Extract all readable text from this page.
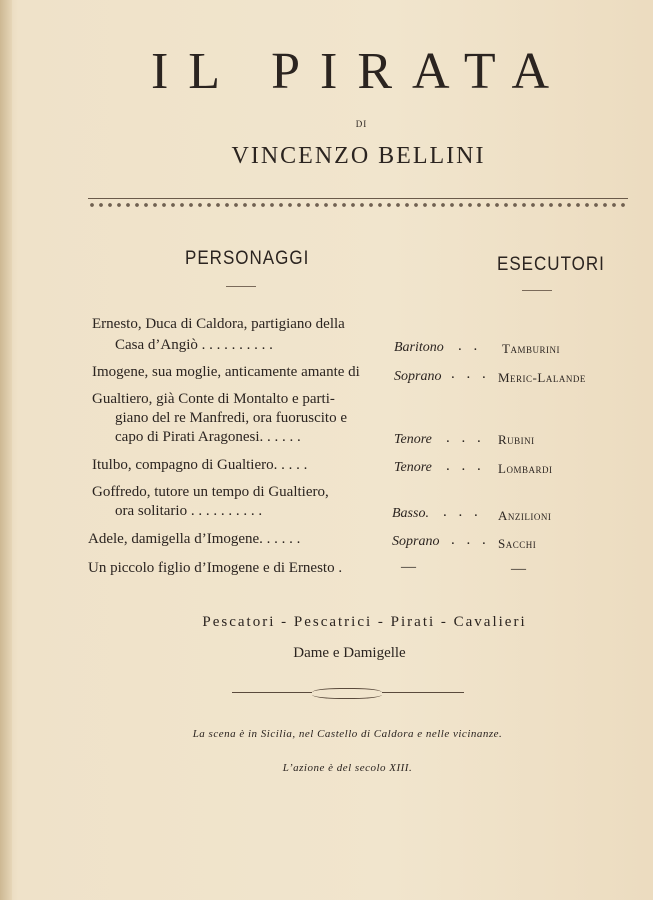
IL PIRATA
DI
VINCENZO BELLINI
PERSONAGGI	ESECUTORI
Ernesto, Duca di Caldora, partigiano della
Casa d’Angiò . . . . . . . . . .	Baritono . . Tamburini
Imogene, sua moglie, anticamente amante di Soprano . . . Meric-Lalande
Gualtiero, già Conte di Montalto e parti-
giano del re Manfredi, ora fuoruscito e
capo di Pirati Aragonesi. . . . . .	Tenore . . . Rubini
Itulbo, compagno di Gualtiero. . . . .	Tenore . . . Lombardi
Goffredo, tutore un tempo di Gualtiero,
ora solitario . . . . . . . . . .	Basso. . . . Anzilioni
Adele, damigella d’Imogene. . . . . .	Soprano . . . Sacchi
Un piccolo figlio d’Imogene e di Ernesto .	—	—
Pescatori - Pescatrici - Pirati - Cavalieri
Dame e Damigelle
La scena è in Sicilia, nel Castello di Caldora e nelle vicinanze.
L’azione è del secolo XIII.
